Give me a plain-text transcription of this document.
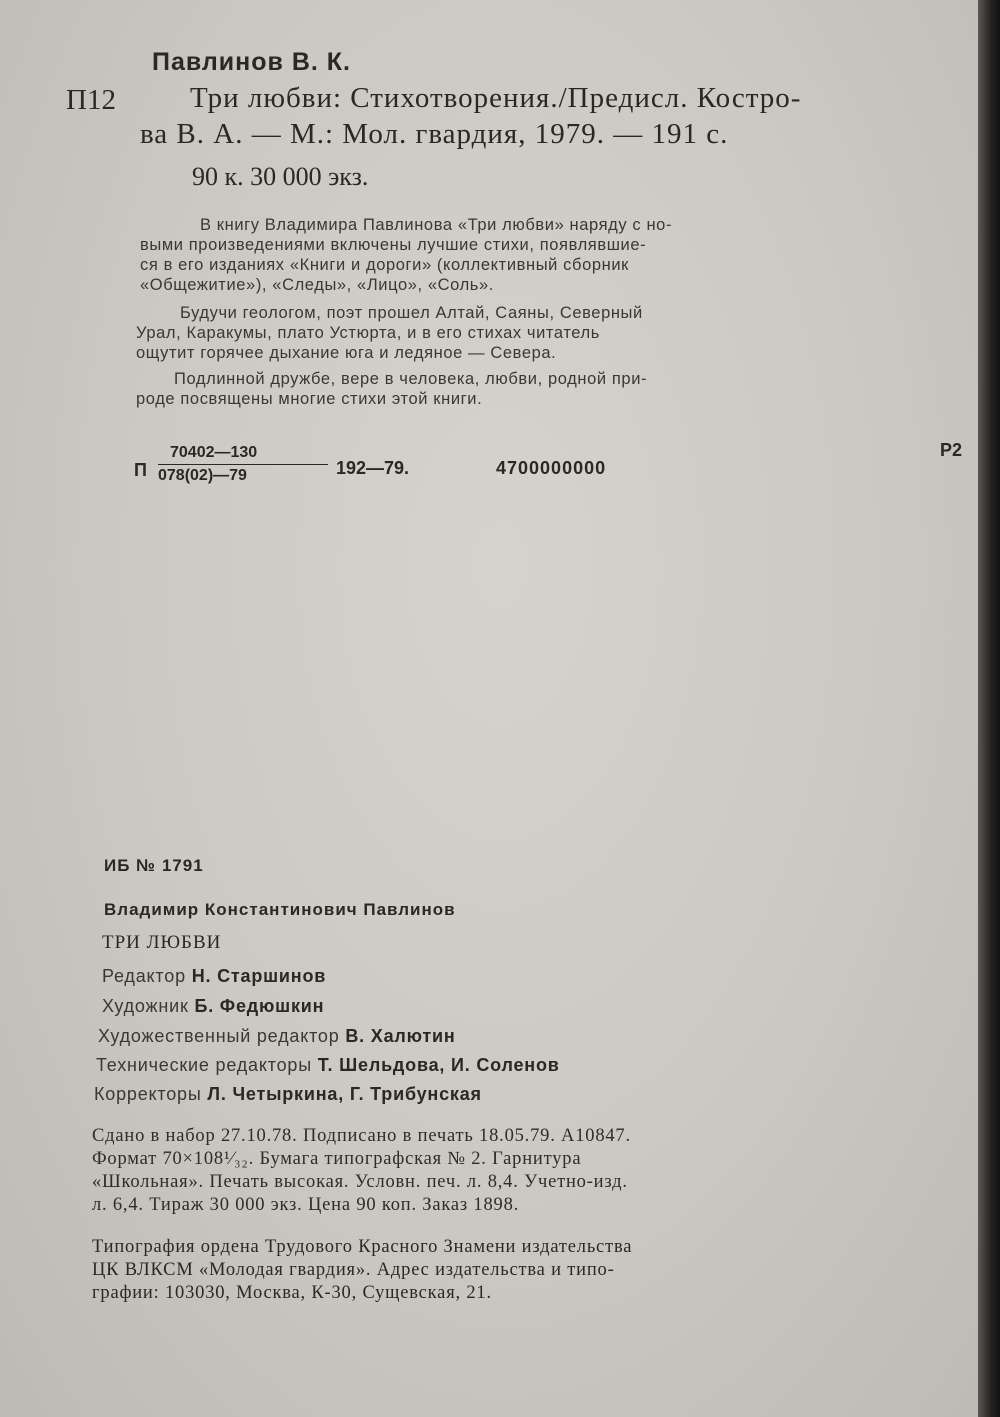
Павлинов В. К.
П12	Три любви: Стихотворения./Предисл. Кострo-
ва В. А. — М.: Мол. гвардия, 1979. — 191 с.
90 к. 30 000 экз.
В книгу Владимира Павлинова «Три любви» наряду с но-
выми произведениями включены лучшие стихи, появлявшие-
ся в его изданиях «Книги и дороги» (коллективный сборник
«Общежитие»), «Следы», «Лицо», «Соль».
Будучи геологом, поэт прошел Алтай, Саяны, Северный
Урал, Каракумы, плато Устюрта, и в его стихах читатель
ощутит горячее дыхание юга и ледяное — Севера.
Подлинной дружбе, вере в человека, любви, родной при-
роде посвящены многие стихи этой книги.
П
70402—130
078(02)—79	192—79.	4700000000
Р2
ИБ № 1791
Владимир Константинович Павлинов
ТРИ ЛЮБВИ
Редактор Н. Старшинов
Художник Б. Федюшкин
Художественный редактор В. Халютин
Технические редакторы Т. Шельдова, И. Соленов
Корректоры Л. Четыркина, Г. Трибунская
Сдано в набор 27.10.78. Подписано в печать 18.05.79. А10847.
Формат 70×108¹⁄₃₂. Бумага типографская № 2. Гарнитура
«Школьная». Печать высокая. Условн. печ. л. 8,4. Учетно-изд.
л. 6,4. Тираж 30 000 экз. Цена 90 коп. Заказ 1898.
Типография ордена Трудового Красного Знамени издательства
ЦК ВЛКСМ «Молодая гвардия». Адрес издательства и типо-
графии: 103030, Москва, К-30, Сущевская, 21.
